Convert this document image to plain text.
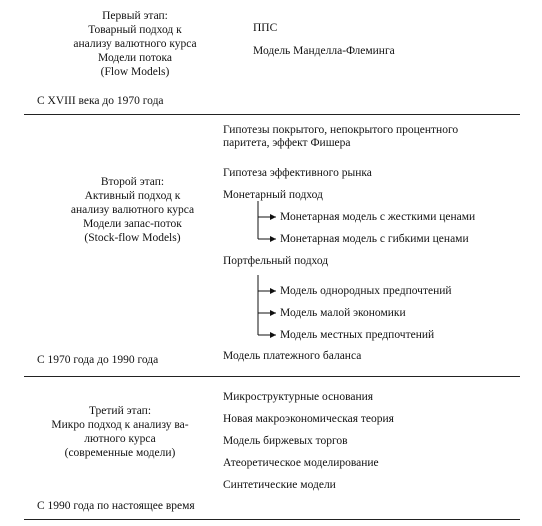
Первый этап:
Товарный подход к
анализу валютного курса
Модели потока
(Flow Models)
С XVIII века до 1970 года
ППС
Модель Манделла-Флеминга
Второй этап:
Активный подход к
анализу валютного курса
Модели запас-поток
(Stock-flow Models)
С 1970 года до 1990 года
Гипотезы покрытого, непокрытого процентного
паритета, эффект Фишера
Гипотеза эффективного рынка
Монетарный подход
Монетарная модель с жесткими ценами
Монетарная модель с гибкими ценами
Портфельный подход
Модель однородных предпочтений
Модель малой экономики
Модель местных предпочтений
Модель платежного баланса
Третий этап:
Микро подход к анализу ва-
лютного курса
(современные модели)
С 1990 года по настоящее время
Микроструктурные основания
Новая макроэкономическая теория
Модель биржевых торгов
Атеоретическое моделирование
Синтетические модели
